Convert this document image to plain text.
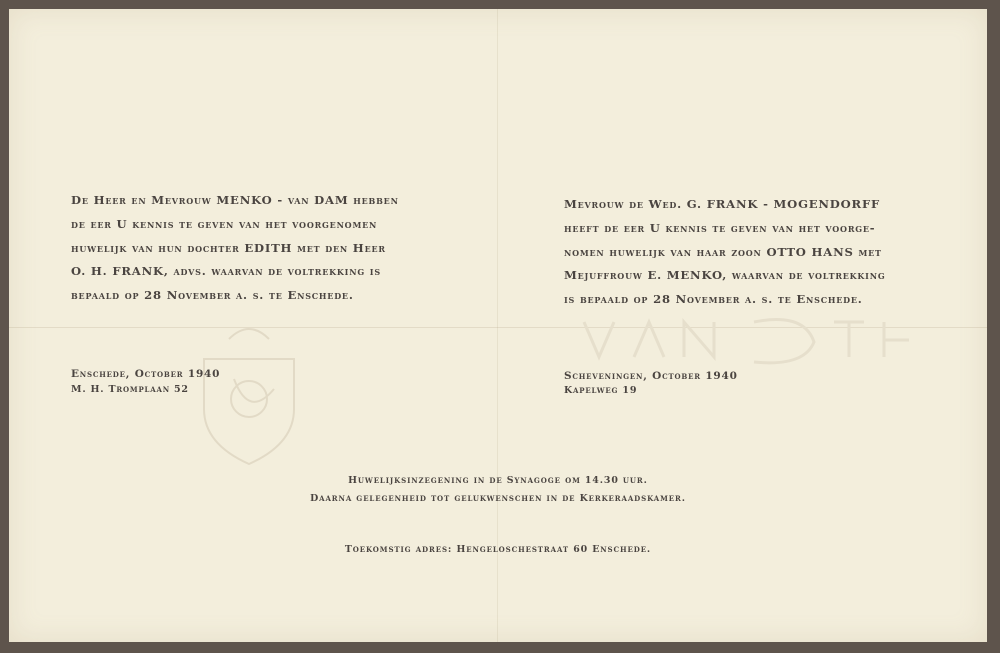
De Heer en Mevrouw MENKO - van DAM hebben

de eer U kennis te geven van het voorgenomen

huwelijk van hun dochter EDITH met den Heer

O. H. FRANK, advs. waarvan de voltrekking is

bepaald op 28 November a. s. te Enschede.

Enschede, October 1940
M. H. Tromplaan 52

Mevrouw de Wed. G. FRANK - MOGENDORFF

heeft de eer U kennis te geven van het voorge-

nomen huwelijk van haar zoon OTTO HANS met

Mejuffrouw E. MENKO, waarvan de voltrekking

is bepaald op 28 November a. s. te Enschede.

Scheveningen, October 1940
Kapelweg 19
Huwelijksinzegening in de Synagoge om 14.30 uur.
Daarna gelegenheid tot gelukwenschen in de Kerkeraadskamer.
Toekomstig adres: Hengeloschestraat 60 Enschede.
